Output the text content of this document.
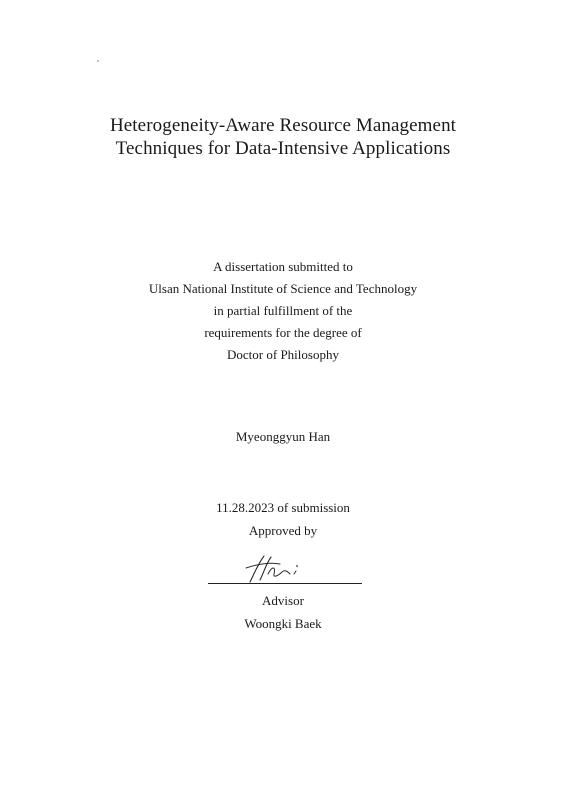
Heterogeneity-Aware Resource Management
Techniques for Data-Intensive Applications
A dissertation submitted to
Ulsan National Institute of Science and Technology
in partial fulfillment of the
requirements for the degree of
Doctor of Philosophy
Myeonggyun Han
11.28.2023 of submission
Approved by
Advisor
Woongki Baek
